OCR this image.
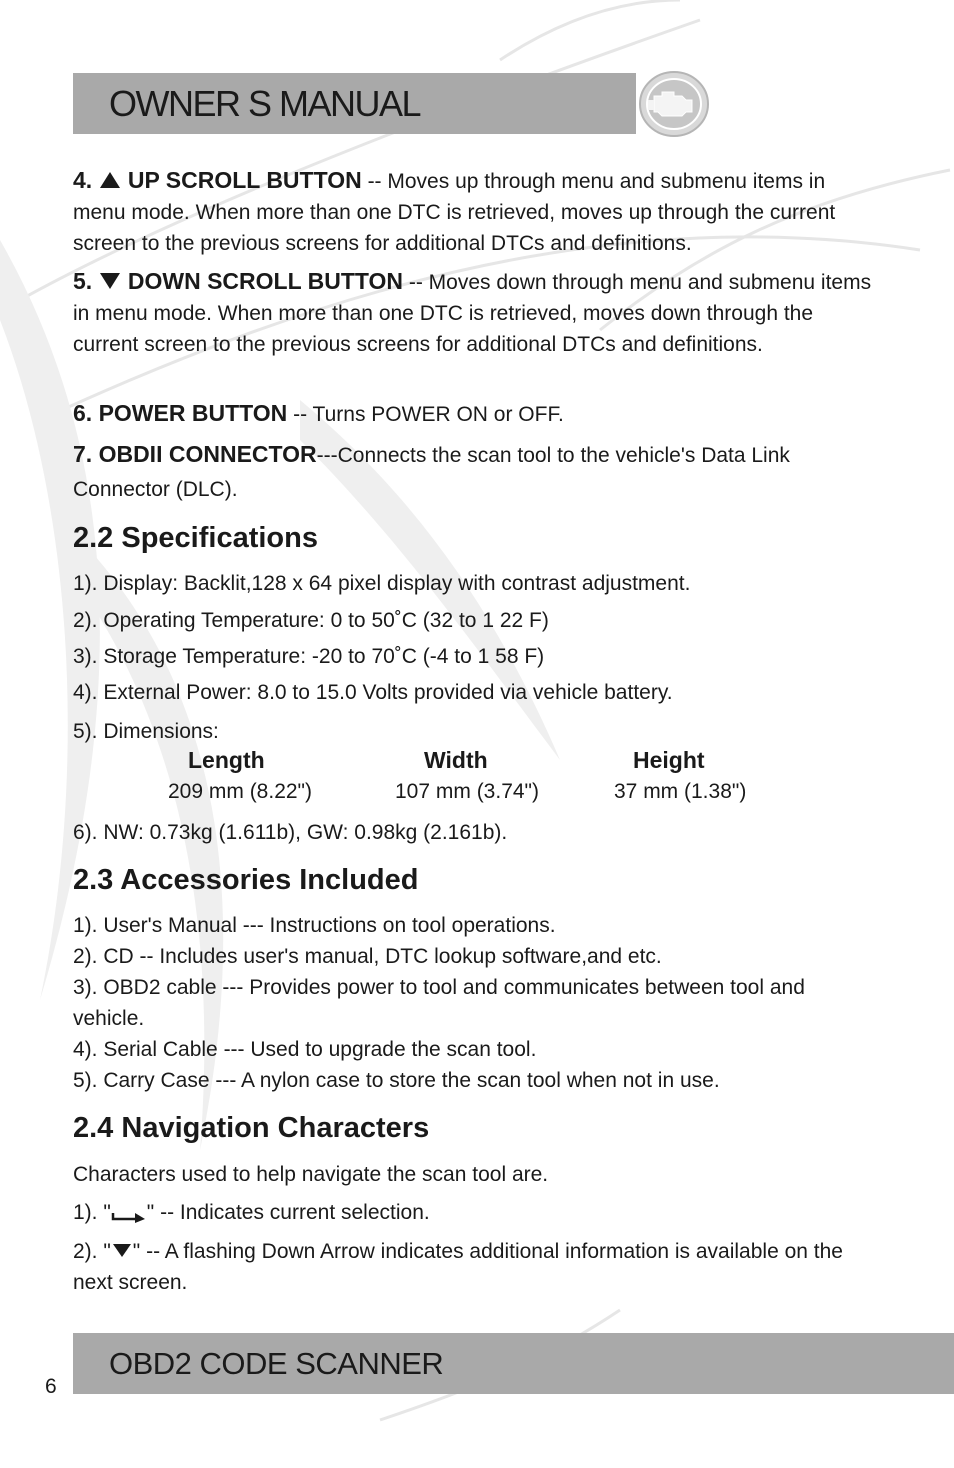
OWNER S MANUAL
4. UP SCROLL BUTTON -- Moves up through menu and submenu items in menu mode. When more than one DTC is retrieved, moves up through the current screen to the previous screens for additional DTCs and definitions.
5. DOWN SCROLL BUTTON -- Moves down through menu and submenu items in menu mode. When more than one DTC is retrieved, moves down through the current screen to the previous screens for additional DTCs and definitions.
6. POWER BUTTON -- Turns POWER ON or OFF.
7. OBDII CONNECTOR---Connects the scan tool to the vehicle's Data Link Connector (DLC).
2.2 Specifications
1). Display: Backlit,128 x 64 pixel display with contrast adjustment.
2). Operating Temperature: 0 to 50˚C (32 to 1 22 F)
3). Storage Temperature: -20 to 70˚C (-4 to 1 58 F)
4). External Power: 8.0 to 15.0 Volts provided via vehicle battery.
5). Dimensions:
Length	Width	Height
209 mm (8.22")	107 mm (3.74")	37 mm (1.38")
6). NW: 0.73kg (1.611b), GW: 0.98kg (2.161b).
2.3 Accessories Included
1). User's Manual --- Instructions on tool operations.
2). CD -- Includes user's manual, DTC lookup software,and etc.
3). OBD2 cable --- Provides power to tool and communicates between tool and vehicle.
4). Serial Cable --- Used to upgrade the scan tool.
5). Carry Case --- A nylon case to store the scan tool when not in use.
2.4 Navigation Characters
Characters used to help navigate the scan tool are.
1). " " -- Indicates current selection.
2). " " -- A flashing Down Arrow indicates additional information is available on the next screen.
OBD2 CODE SCANNER
6
